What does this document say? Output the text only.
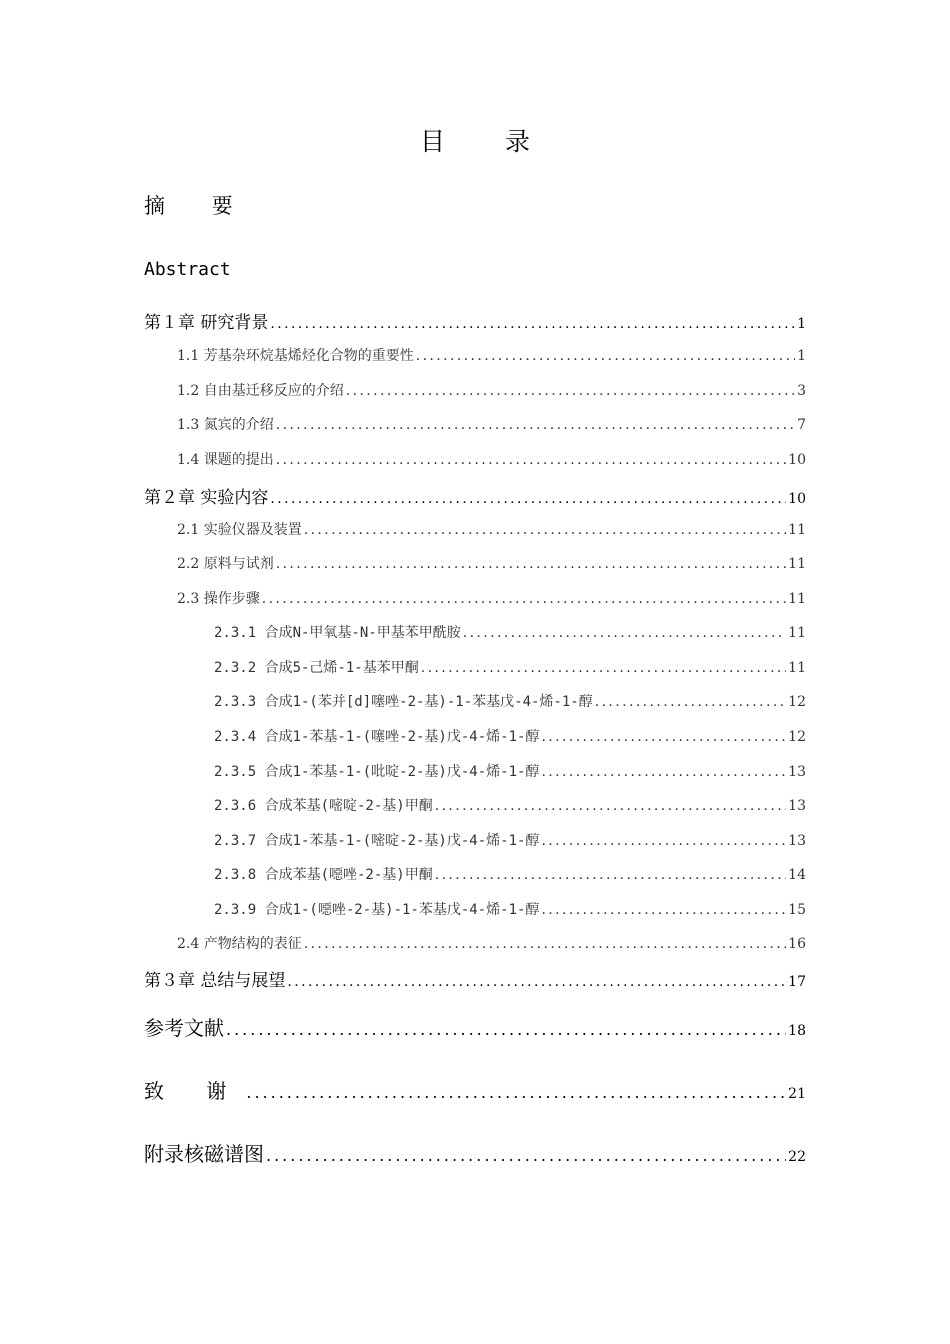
目 录
摘 要
Abstract
第１章 研究背景 .....	1
1.1 芳基杂环烷基烯烃化合物的重要性 .....	1
1.2 自由基迁移反应的介绍 .....	3
1.3 氮宾的介绍 .....	7
1.4 课题的提出 .....	10
第２章 实验内容 .....	10
2.1 实验仪器及装置 .....	11
2.2 原料与试剂 .....	11
2.3 操作步骤 .....	11
2.3.1 合成N-甲氧基-N-甲基苯甲酰胺 .....	11
2.3.2 合成5-己烯-1-基苯甲酮 .....	11
2.3.3 合成1-(苯并[d]噻唑-2-基)-1-苯基戊-4-烯-1-醇 .....	12
2.3.4 合成1-苯基-1-(噻唑-2-基)戊-4-烯-1-醇 .....	12
2.3.5 合成1-苯基-1-(吡啶-2-基)戊-4-烯-1-醇 .....	13
2.3.6 合成苯基(嘧啶-2-基)甲酮 .....	13
2.3.7 合成1-苯基-1-(嘧啶-2-基)戊-4-烯-1-醇 .....	13
2.3.8 合成苯基(噁唑-2-基)甲酮 .....	14
2.3.9 合成1-(噁唑-2-基)-1-苯基戊-4-烯-1-醇 .....	15
2.4 产物结构的表征 .....	16
第３章 总结与展望 .....	17
参考文献 .....	18
致 谢 .....	21
附录核磁谱图 .....	22
